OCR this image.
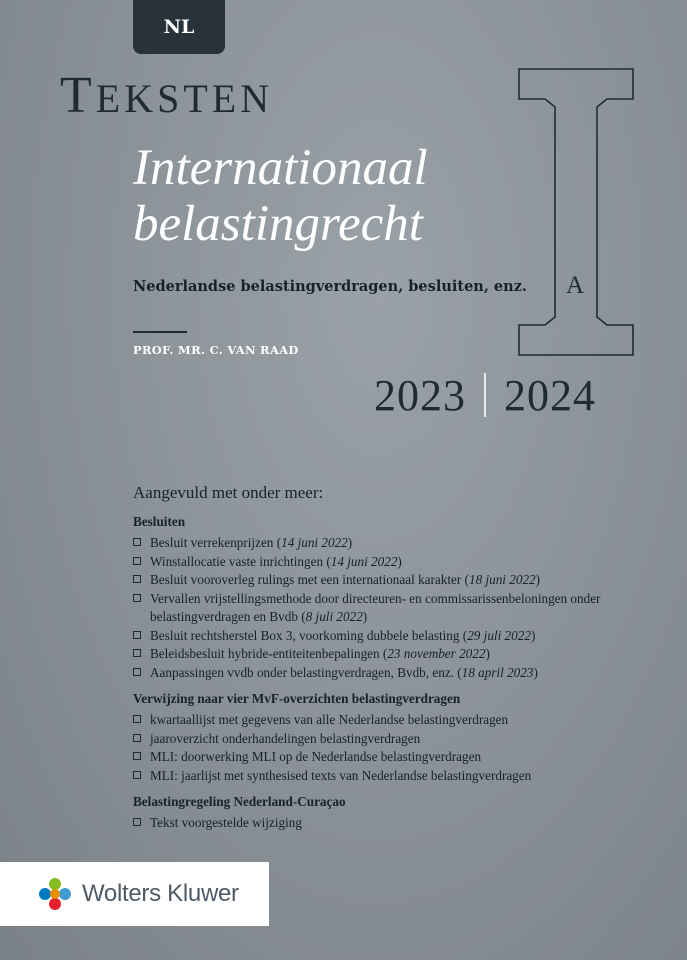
NL
TEKSTEN
Internationaal
belastingrecht
Nederlandse belastingverdragen, besluiten, enz.
PROF. MR. C. VAN RAAD
A
2023 2024
Aangevuld met onder meer:
Besluiten
Besluit verrekenprijzen (14 juni 2022)
Winstallocatie vaste inrichtingen (14 juni 2022)
Besluit vooroverleg rulings met een internationaal karakter (18 juni 2022)
Vervallen vrijstellingsmethode door directeuren- en commissarissenbeloningen onder belastingverdragen en Bvdb (8 juli 2022)
Besluit rechtsherstel Box 3, voorkoming dubbele belasting (29 juli 2022)
Beleidsbesluit hybride-entiteitenbepalingen (23 november 2022)
Aanpassingen vvdb onder belastingverdragen, Bvdb, enz. (18 april 2023)
Verwijzing naar vier MvF-overzichten belastingverdragen
kwartaallijst met gegevens van alle Nederlandse belastingverdragen
jaaroverzicht onderhandelingen belastingverdragen
MLI: doorwerking MLI op de Nederlandse belastingverdragen
MLI: jaarlijst met synthesised texts van Nederlandse belastingverdragen
Belastingregeling Nederland-Curaçao
Tekst voorgestelde wijziging
Wolters Kluwer
